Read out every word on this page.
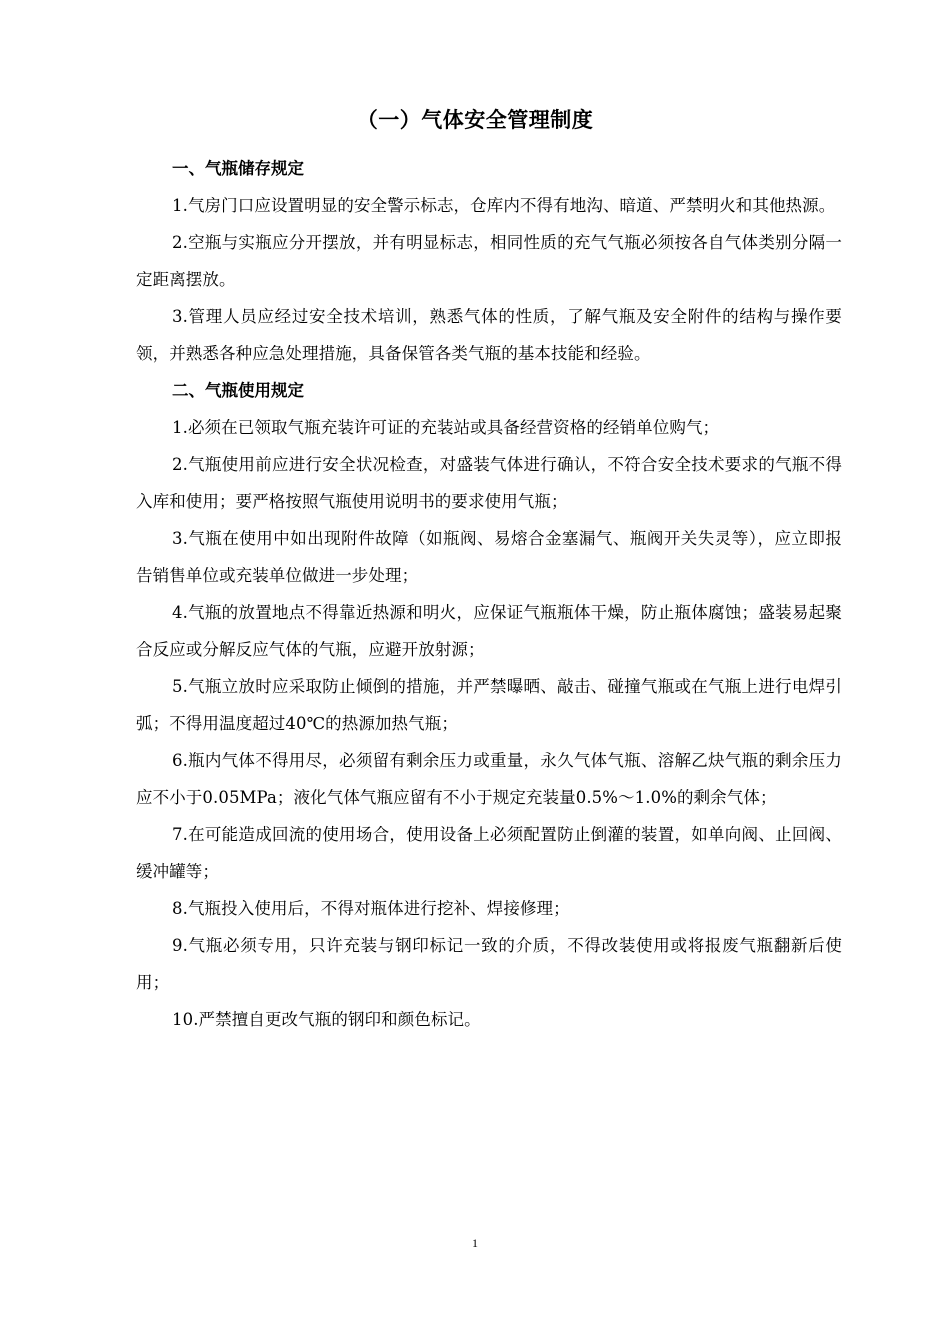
（一）气体安全管理制度

一、气瓶储存规定

1.气房门口应设置明显的安全警示标志，仓库内不得有地沟、暗道、严禁明火和其他热源。

2.空瓶与实瓶应分开摆放，并有明显标志，相同性质的充气气瓶必须按各自气体类别分隔一定距离摆放。

3.管理人员应经过安全技术培训，熟悉气体的性质，了解气瓶及安全附件的结构与操作要领，并熟悉各种应急处理措施，具备保管各类气瓶的基本技能和经验。

二、气瓶使用规定

1.必须在已领取气瓶充装许可证的充装站或具备经营资格的经销单位购气；

2.气瓶使用前应进行安全状况检查，对盛装气体进行确认，不符合安全技术要求的气瓶不得入库和使用；要严格按照气瓶使用说明书的要求使用气瓶；

3.气瓶在使用中如出现附件故障（如瓶阀、易熔合金塞漏气、瓶阀开关失灵等），应立即报告销售单位或充装单位做进一步处理；

4.气瓶的放置地点不得靠近热源和明火，应保证气瓶瓶体干燥，防止瓶体腐蚀；盛装易起聚合反应或分解反应气体的气瓶，应避开放射源；

5.气瓶立放时应采取防止倾倒的措施，并严禁曝晒、敲击、碰撞气瓶或在气瓶上进行电焊引弧；不得用温度超过40℃的热源加热气瓶；

6.瓶内气体不得用尽，必须留有剩余压力或重量，永久气体气瓶、溶解乙炔气瓶的剩余压力应不小于0.05MPa；液化气体气瓶应留有不小于规定充装量0.5%～1.0%的剩余气体；

7.在可能造成回流的使用场合，使用设备上必须配置防止倒灌的装置，如单向阀、止回阀、缓冲罐等；

8.气瓶投入使用后，不得对瓶体进行挖补、焊接修理；

9.气瓶必须专用，只许充装与钢印标记一致的介质，不得改装使用或将报废气瓶翻新后使用；

10.严禁擅自更改气瓶的钢印和颜色标记。

1
